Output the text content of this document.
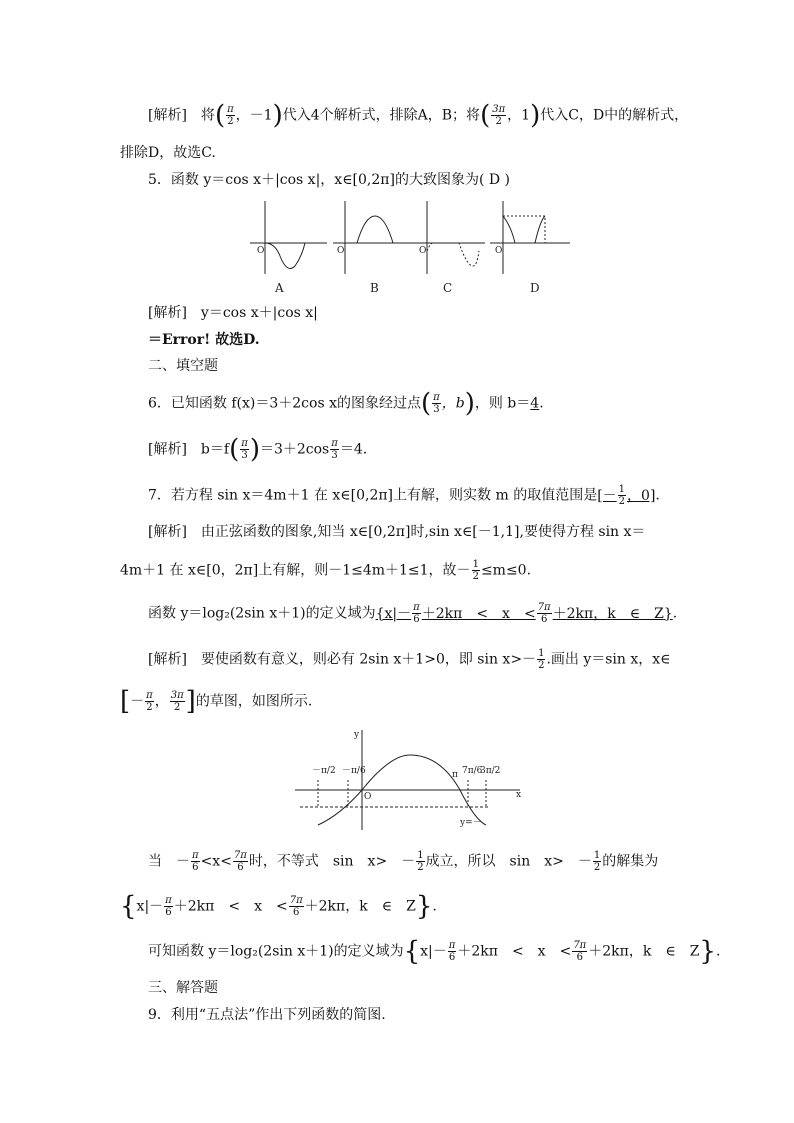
[解析]　将( $\frac{\pi}{2}$ ，－1)代入4个解析式，排除A，B；将( $\frac{3\pi}{2}$ ，1)代入C，D中的解析式，
排除D，故选C.
5．函数 y＝cos x＋|cos x|，x∈[0,2π]的大致图象为( D )
O	O	O	O
A	B	C	D
[解析]　y＝cos x＋|cos x|
＝Error! 故选D.
二、填空题
6．已知函数 f(x)＝3＋2cos x的图象经过点( $\frac{\pi}{3}$ ，b)，则 b＝4.
[解析]　$b=f( \frac{\pi}{3} )=3+2\cos \frac{\pi}{3} =4$.
7．若方程 sin x＝4m＋1 在 x∈[0,2π]上有解，则实数 m 的取值范围是[－ $\frac{1}{2}$ ，0].
[解析]　由正弦函数的图象,知当 x∈[0,2π]时,sin x∈[－1,1],要使得方程 sin x＝
4m＋1 在 x∈[0，2π]上有解，则－1≤4m＋1≤1，故－ $\frac{1}{2} \le m\le 0$.
函数 y＝log₂(2sin x＋1)的定义域为{$x|- \frac{\pi}{6} +2k\pi$　<　x　< $\frac{7\pi}{6} +2k\pi$，k　∈　Z}.
[解析]　要使函数有意义，则必有 2sin x＋1>0，即 $\sin x>- \frac{1}{2}$ .画出 y＝sin x，x∈
[－ $\frac{\pi}{2}$ ， $\frac{3\pi}{2}$ ]的草图，如图所示.
x
y
O
－π/2 －π/6	π 7π/6
3π/2
y=－
当　－ $\frac{\pi}{6} <x< \frac{7\pi}{6}$ 时，不等式　sin　x>　－ $\frac{1}{2}$ 成立，所以　sin　x>　－ $\frac{1}{2}$ 的解集为
{$x|- \frac{\pi}{6} +2k\pi$　<　x　< $\frac{7\pi}{6} +2k\pi$，k　∈　Z}.
可知函数 y＝log₂(2sin x＋1)的定义域为{$x|- \frac{\pi}{6} +2k\pi$　<　x　< $\frac{7\pi}{6} +2k\pi$，k　∈　Z}.
三、解答题
9．利用“五点法”作出下列函数的简图.
